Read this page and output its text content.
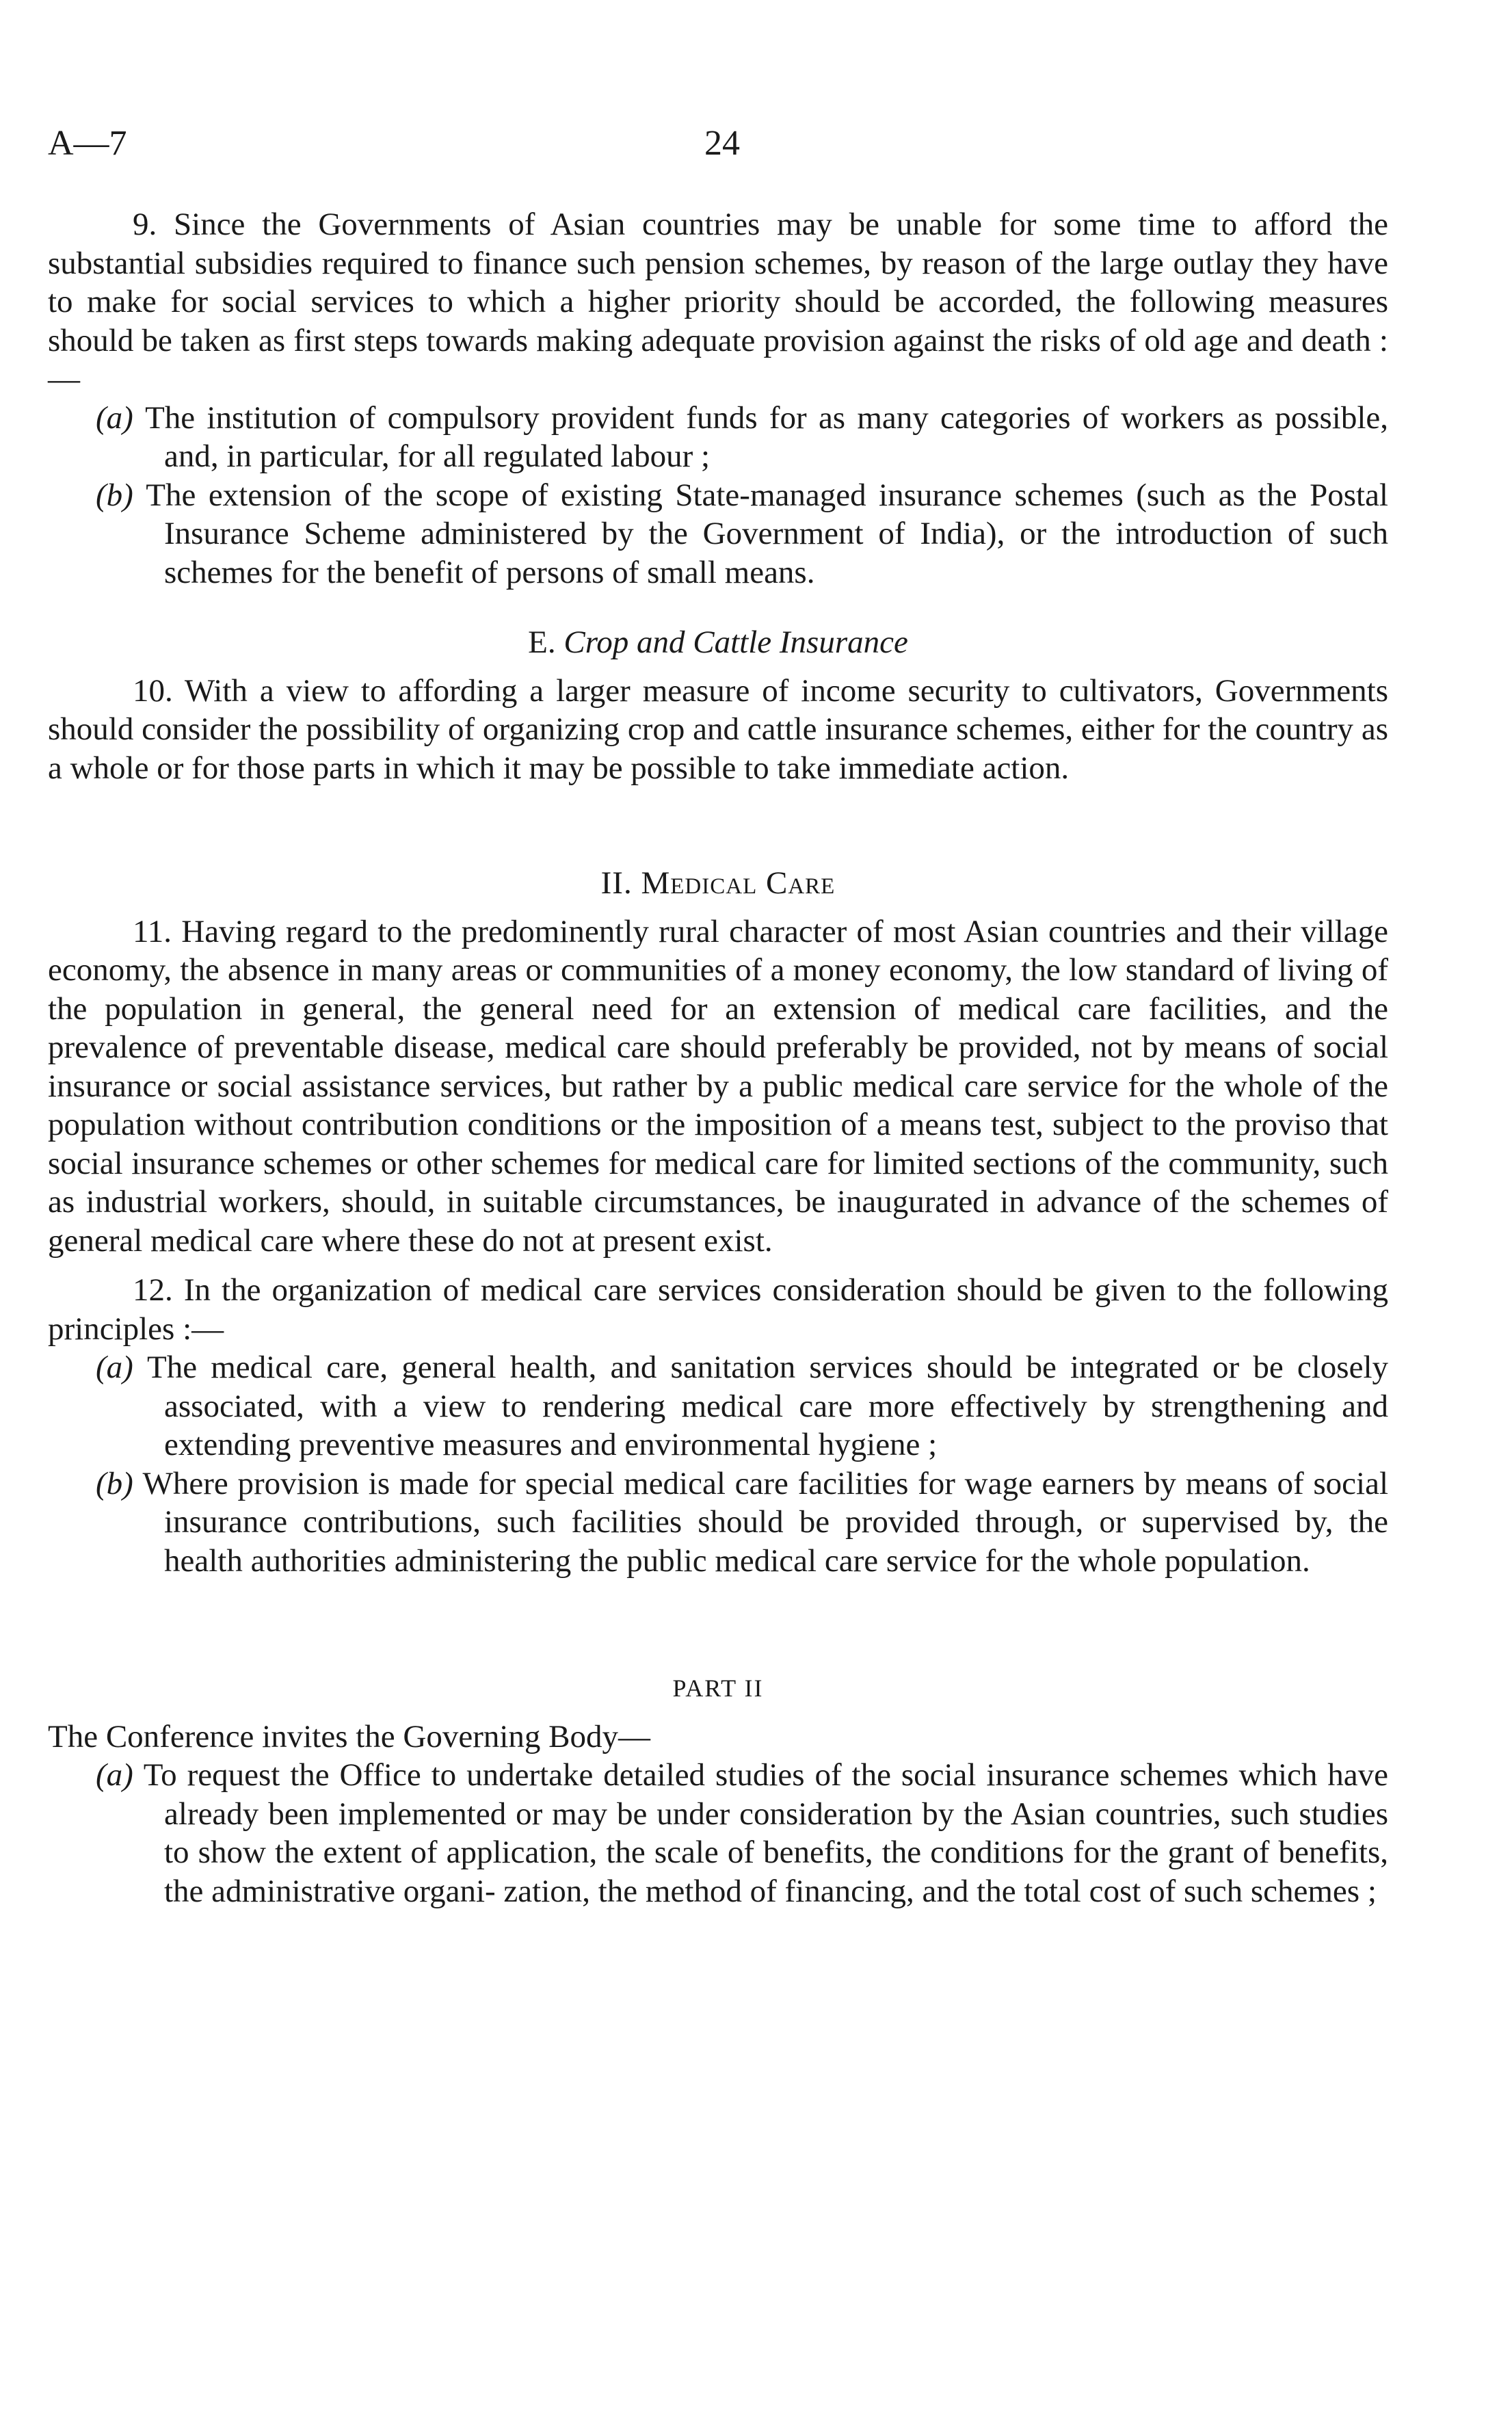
A—7	24

9. Since the Governments of Asian countries may be unable for some time to afford the substantial subsidies required to finance such pension schemes, by reason of the large outlay they have to make for social services to which a higher priority should be accorded, the following measures should be taken as first steps towards making adequate provision against the risks of old age and death :—

(a) The institution of compulsory provident funds for as many categories of workers as possible, and, in particular, for all regulated labour ;

(b) The extension of the scope of existing State-managed insurance schemes (such as the Postal Insurance Scheme administered by the Government of India), or the introduction of such schemes for the benefit of persons of small means.

E. Crop and Cattle Insurance

10. With a view to affording a larger measure of income security to cultivators, Governments should consider the possibility of organizing crop and cattle insurance schemes, either for the country as a whole or for those parts in which it may be possible to take immediate action.

II. Medical Care

11. Having regard to the predominently rural character of most Asian countries and their village economy, the absence in many areas or communities of a money economy, the low standard of living of the population in general, the general need for an extension of medical care facilities, and the prevalence of preventable disease, medical care should preferably be provided, not by means of social insurance or social assistance services, but rather by a public medical care service for the whole of the population without contribution conditions or the imposition of a means test, subject to the proviso that social insurance schemes or other schemes for medical care for limited sections of the community, such as industrial workers, should, in suitable circumstances, be inaugurated in advance of the schemes of general medical care where these do not at present exist.

12. In the organization of medical care services consideration should be given to the following principles :—

(a) The medical care, general health, and sanitation services should be integrated or be closely associated, with a view to rendering medical care more effectively by strengthening and extending preventive measures and environmental hygiene ;

(b) Where provision is made for special medical care facilities for wage earners by means of social insurance contributions, such facilities should be provided through, or supervised by, the health authorities administering the public medical care service for the whole population.

PART II

The Conference invites the Governing Body—

(a) To request the Office to undertake detailed studies of the social insurance schemes which have already been implemented or may be under consideration by the Asian countries, such studies to show the extent of application, the scale of benefits, the conditions for the grant of benefits, the administrative organi- zation, the method of financing, and the total cost of such schemes ;
